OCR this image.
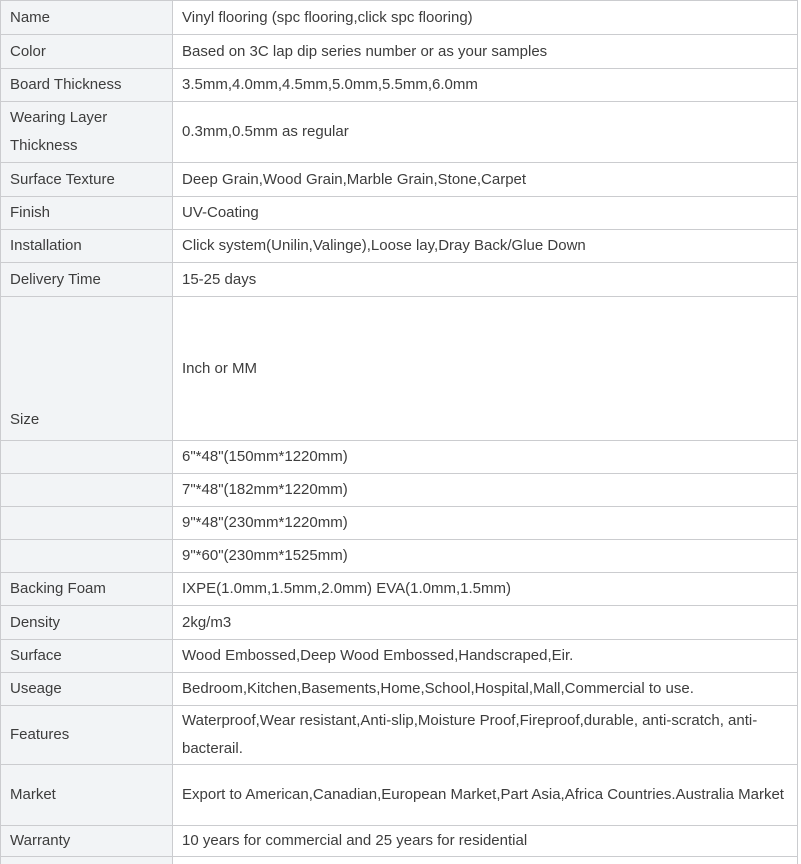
Name	Vinyl flooring (spc flooring,click spc flooring)
Color	Based on 3C lap dip series number or as your samples
Board Thickness	3.5mm,4.0mm,4.5mm,5.0mm,5.5mm,6.0mm
Wearing Layer Thickness	0.3mm,0.5mm as regular
Surface Texture	Deep Grain,Wood Grain,Marble Grain,Stone,Carpet
Finish	UV-Coating
Installation	Click system(Unilin,Valinge),Loose lay,Dray Back/Glue Down
Delivery Time	15-25 days
Size	Inch or MM
	6"*48"(150mm*1220mm)
	7"*48"(182mm*1220mm)
	9"*48"(230mm*1220mm)
	9"*60"(230mm*1525mm)
Backing Foam	IXPE(1.0mm,1.5mm,2.0mm) EVA(1.0mm,1.5mm)
Density	2kg/m3
Surface	Wood Embossed,Deep Wood Embossed,Handscraped,Eir.
Useage	Bedroom,Kitchen,Basements,Home,School,Hospital,Mall,Commercial to use.
Features	Waterproof,Wear resistant,Anti-slip,Moisture Proof,Fireproof,durable, anti-scratch, anti-bacterail.
Market	Export to American,Canadian,European Market,Part Asia,Africa Countries.Australia Market
Warranty	10 years for commercial and 25 years for residential
